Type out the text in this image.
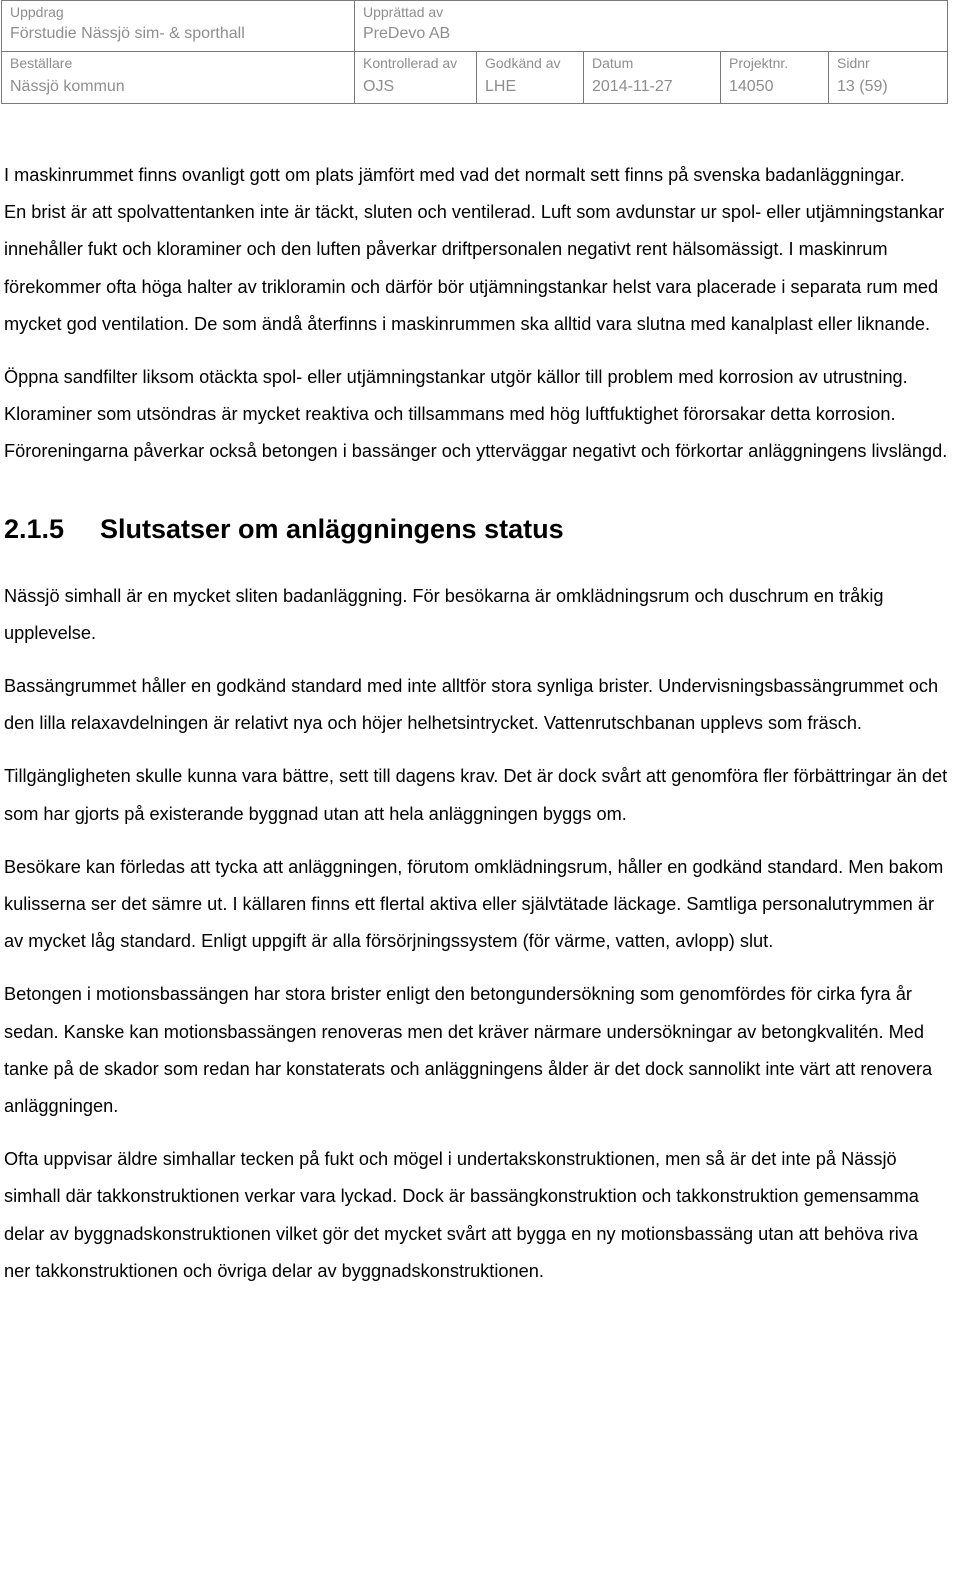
Uppdrag
Förstudie Nässjö sim- & sporthall
Upprättad av
PreDevo AB
Beställare
Nässjö kommun
Kontrollerad av
OJS
Godkänd av
LHE
Datum
2014-11-27
Projektnr.
14050
Sidnr
13 (59)

I maskinrummet finns ovanligt gott om plats jämfört med vad det normalt sett finns på svenska badanläggningar.

En brist är att spolvattentanken inte är täckt, sluten och ventilerad. Luft som avdunstar ur spol- eller utjämningstankar innehåller fukt och kloraminer och den luften påverkar driftpersonalen negativt rent hälsomässigt. I maskinrum förekommer ofta höga halter av trikloramin och därför bör utjämningstankar helst vara placerade i separata rum med mycket god ventilation. De som ändå återfinns i maskinrummen ska alltid vara slutna med kanalplast eller liknande.

Öppna sandfilter liksom otäckta spol- eller utjämningstankar utgör källor till problem med korrosion av utrustning. Kloraminer som utsöndras är mycket reaktiva och tillsammans med hög luftfuktighet förorsakar detta korrosion. Föroreningarna påverkar också betongen i bassänger och ytterväggar negativt och förkortar anläggningens livslängd.

2.1.5 Slutsatser om anläggningens status

Nässjö simhall är en mycket sliten badanläggning. För besökarna är omklädningsrum och duschrum en tråkig upplevelse.

Bassängrummet håller en godkänd standard med inte alltför stora synliga brister. Undervisningsbassängrummet och den lilla relaxavdelningen är relativt nya och höjer helhetsintrycket. Vattenrutschbanan upplevs som fräsch.

Tillgängligheten skulle kunna vara bättre, sett till dagens krav. Det är dock svårt att genomföra fler förbättringar än det som har gjorts på existerande byggnad utan att hela anläggningen byggs om.

Besökare kan förledas att tycka att anläggningen, förutom omklädningsrum, håller en godkänd standard. Men bakom kulisserna ser det sämre ut. I källaren finns ett flertal aktiva eller självtätade läckage. Samtliga personalutrymmen är av mycket låg standard. Enligt uppgift är alla försörjningssystem (för värme, vatten, avlopp) slut.

Betongen i motionsbassängen har stora brister enligt den betongundersökning som genomfördes för cirka fyra år sedan. Kanske kan motionsbassängen renoveras men det kräver närmare undersökningar av betongkvalitén. Med tanke på de skador som redan har konstaterats och anläggningens ålder är det dock sannolikt inte värt att renovera anläggningen.

Ofta uppvisar äldre simhallar tecken på fukt och mögel i undertakskonstruktionen, men så är det inte på Nässjö simhall där takkonstruktionen verkar vara lyckad. Dock är bassängkonstruktion och takkonstruktion gemensamma delar av byggnadskonstruktionen vilket gör det mycket svårt att bygga en ny motionsbassäng utan att behöva riva ner takkonstruktionen och övriga delar av byggnadskonstruktionen.
